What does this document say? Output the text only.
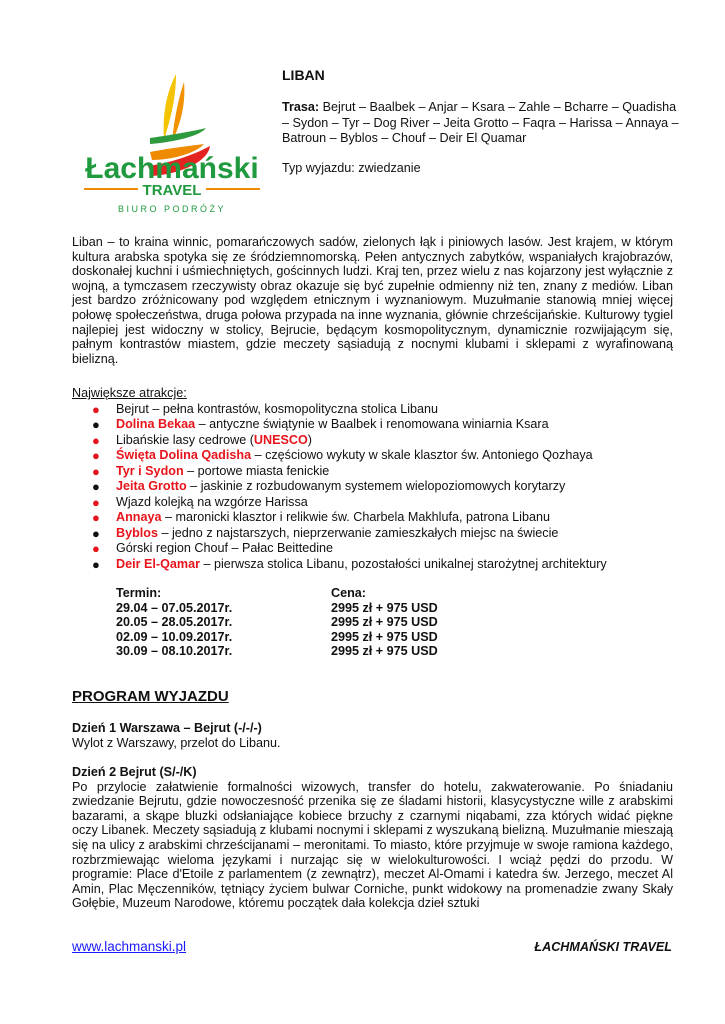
Łachmański
TRAVEL
BIURO PODRÓŻY
LIBAN
Trasa: Bejrut – Baalbek – Anjar – Ksara – Zahle – Bcharre – Quadisha – Sydon – Tyr – Dog River – Jeita Grotto – Faqra – Harissa – Annaya – Batroun – Byblos – Chouf – Deir El Quamar
Typ wyjazdu: zwiedzanie
Liban – to kraina winnic, pomarańczowych sadów, zielonych łąk i piniowych lasów. Jest krajem, w którym kultura arabska spotyka się ze śródziemnomorską. Pełen antycznych zabytków, wspaniałych krajobrazów, doskonałej kuchni i uśmiechniętych, gościnnych ludzi. Kraj ten, przez wielu z nas kojarzony jest wyłącznie z wojną, a tymczasem rzeczywisty obraz okazuje się być zupełnie odmienny niż ten, znany z mediów. Liban jest bardzo zróżnicowany pod względem etnicznym i wyznaniowym. Muzułmanie stanowią mniej więcej połowę społeczeństwa, druga połowa przypada na inne wyznania, głównie chrześcijańskie. Kulturowy tygiel najlepiej jest widoczny w stolicy, Bejrucie, będącym kosmopolitycznym, dynamicznie rozwijającym się, pałnym kontrastów miastem, gdzie meczety sąsiadują z nocnymi klubami i sklepami z wyrafinowaną bielizną.
Największe atrakcje:
● Bejrut – pełna kontrastów, kosmopolityczna stolica Libanu
● Dolina Bekaa – antyczne świątynie w Baalbek i renomowana winiarnia Ksara
● Libańskie lasy cedrowe (UNESCO)
● Święta Dolina Qadisha – częściowo wykuty w skale klasztor św. Antoniego Qozhaya
● Tyr i Sydon – portowe miasta fenickie
● Jeita Grotto – jaskinie z rozbudowanym systemem wielopoziomowych korytarzy
● Wjazd kolejką na wzgórze Harissa
● Annaya – maronicki klasztor i relikwie św. Charbela Makhlufa, patrona Libanu
● Byblos – jedno z najstarszych, nieprzerwanie zamieszkałych miejsc na świecie
● Górski region Chouf – Pałac Beittedine
● Deir El-Qamar – pierwsza stolica Libanu, pozostałości unikalnej starożytnej architektury
Termin:	Cena:
29.04 – 07.05.2017r.	2995 zł + 975 USD
20.05 – 28.05.2017r.	2995 zł + 975 USD
02.09 – 10.09.2017r.	2995 zł + 975 USD
30.09 – 08.10.2017r.	2995 zł + 975 USD
PROGRAM WYJAZDU
Dzień 1 Warszawa – Bejrut (-/-/-)
Wylot z Warszawy, przelot do Libanu.
Dzień 2 Bejrut (S/-/K)
Po przylocie załatwienie formalności wizowych, transfer do hotelu, zakwaterowanie. Po śniadaniu zwiedzanie Bejrutu, gdzie nowoczesność przenika się ze śladami historii, klasycystyczne wille z arabskimi bazarami, a skąpe bluzki odsłaniające kobiece brzuchy z czarnymi niqabami, zza których widać piękne oczy Libanek. Meczety sąsiadują z klubami nocnymi i sklepami z wyszukaną bielizną. Muzułmanie mieszają się na ulicy z arabskimi chrześcijanami – meronitami. To miasto, które przyjmuje w swoje ramiona każdego, rozbrzmiewając wieloma językami i nurzając się w wielokulturowości. I wciąż pędzi do przodu. W programie: Place d'Etoile z parlamentem (z zewnątrz), meczet Al-Omami i katedra św. Jerzego, meczet Al Amin, Plac Męczenników, tętniący życiem bulwar Corniche, punkt widokowy na promenadzie zwany Skały Gołębie, Muzeum Narodowe, któremu początek dała kolekcja dzieł sztuki
www.lachmanski.pl	ŁACHMAŃSKI TRAVEL
